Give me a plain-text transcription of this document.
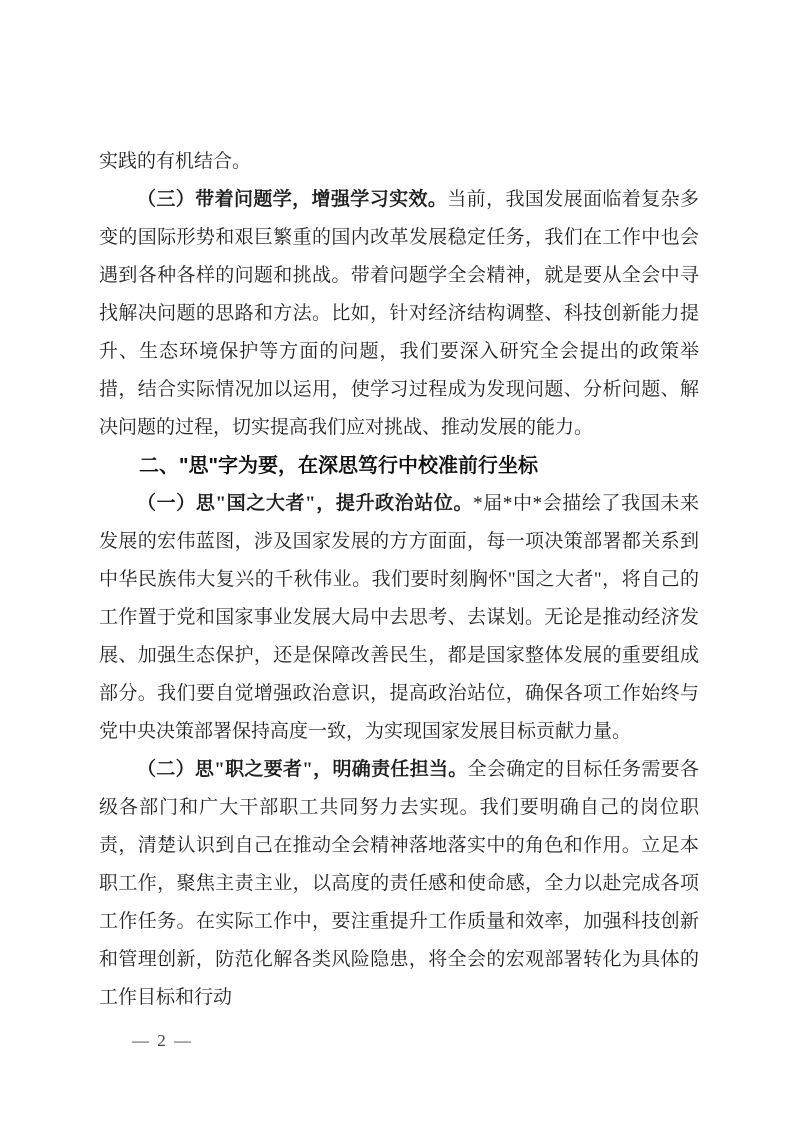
实践的有机结合。

（三）带着问题学，增强学习实效。当前，我国发展面临着复杂多变的国际形势和艰巨繁重的国内改革发展稳定任务，我们在工作中也会遇到各种各样的问题和挑战。带着问题学全会精神，就是要从全会中寻找解决问题的思路和方法。比如，针对经济结构调整、科技创新能力提升、生态环境保护等方面的问题，我们要深入研究全会提出的政策举措，结合实际情况加以运用，使学习过程成为发现问题、分析问题、解决问题的过程，切实提高我们应对挑战、推动发展的能力。

二、"思"字为要，在深思笃行中校准前行坐标

（一）思"国之大者"，提升政治站位。*届*中*会描绘了我国未来发展的宏伟蓝图，涉及国家发展的方方面面，每一项决策部署都关系到中华民族伟大复兴的千秋伟业。我们要时刻胸怀"国之大者"，将自己的工作置于党和国家事业发展大局中去思考、去谋划。无论是推动经济发展、加强生态保护，还是保障改善民生，都是国家整体发展的重要组成部分。我们要自觉增强政治意识，提高政治站位，确保各项工作始终与党中央决策部署保持高度一致，为实现国家发展目标贡献力量。

（二）思"职之要者"，明确责任担当。全会确定的目标任务需要各级各部门和广大干部职工共同努力去实现。我们要明确自己的岗位职责，清楚认识到自己在推动全会精神落地落实中的角色和作用。立足本职工作，聚焦主责主业，以高度的责任感和使命感，全力以赴完成各项工作任务。在实际工作中，要注重提升工作质量和效率，加强科技创新和管理创新，防范化解各类风险隐患，将全会的宏观部署转化为具体的工作目标和行动

— 2 —
